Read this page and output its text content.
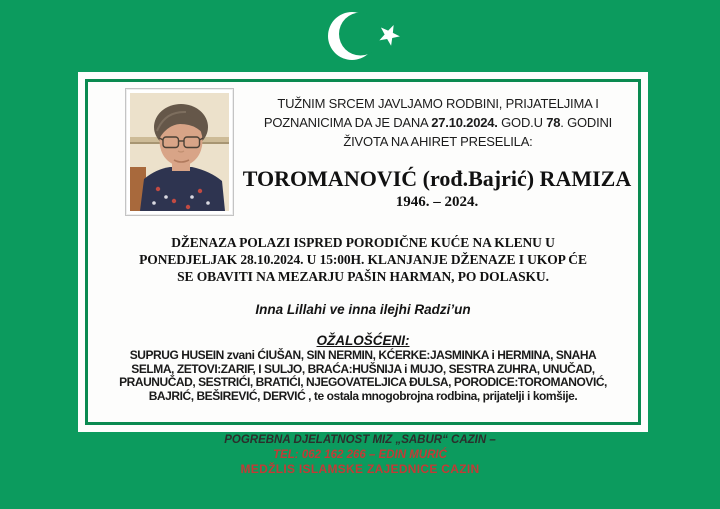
TUŽNIM SRCEM JAVLJAMO RODBINI, PRIJATELJIMA I
POZNANICIMA DA JE DANA 27.10.2024. GOD.U 78. GODINI
ŽIVOTA NA AHIRET PRESELILA:
TOROMANOVIĆ (rođ.Bajrić) RAMIZA
1946. – 2024.
DŽENAZA POLAZI ISPRED PORODIČNE KUĆE NA KLENU U
PONEDJELJAK 28.10.2024. U 15:00H. KLANJANJE DŽENAZE I UKOP ĆE
SE OBAVITI NA MEZARJU PAŠIN HARMAN, PO DOLASKU.
Inna Lillahi ve inna ilejhi Radzi’un
OŽALOŠĆENI:
SUPRUG HUSEIN zvani ĆIUŠAN, SIN NERMIN, KĆERKE:JASMINKA i HERMINA, SNAHA
SELMA, ZETOVI:ZARIF, I SULJO, BRAĆA:HUŠNIJA i MUJO, SESTRA ZUHRA, UNUČAD,
PRAUNUČAD, SESTRIĆI, BRATIĆI, NJEGOVATELJICA ĐULSA, PORODICE:TOROMANOVIĆ,
BAJRIĆ, BEŠIREVIĆ, DERVIĆ , te ostala mnogobrojna rodbina, prijatelji i komšije.
POGREBNA DJELATNOST MIZ „SABUR“ CAZIN –
TEL: 062 162 266 – EDIN MURIĆ
MEDŽLIS ISLAMSKE ZAJEDNICE CAZIN
